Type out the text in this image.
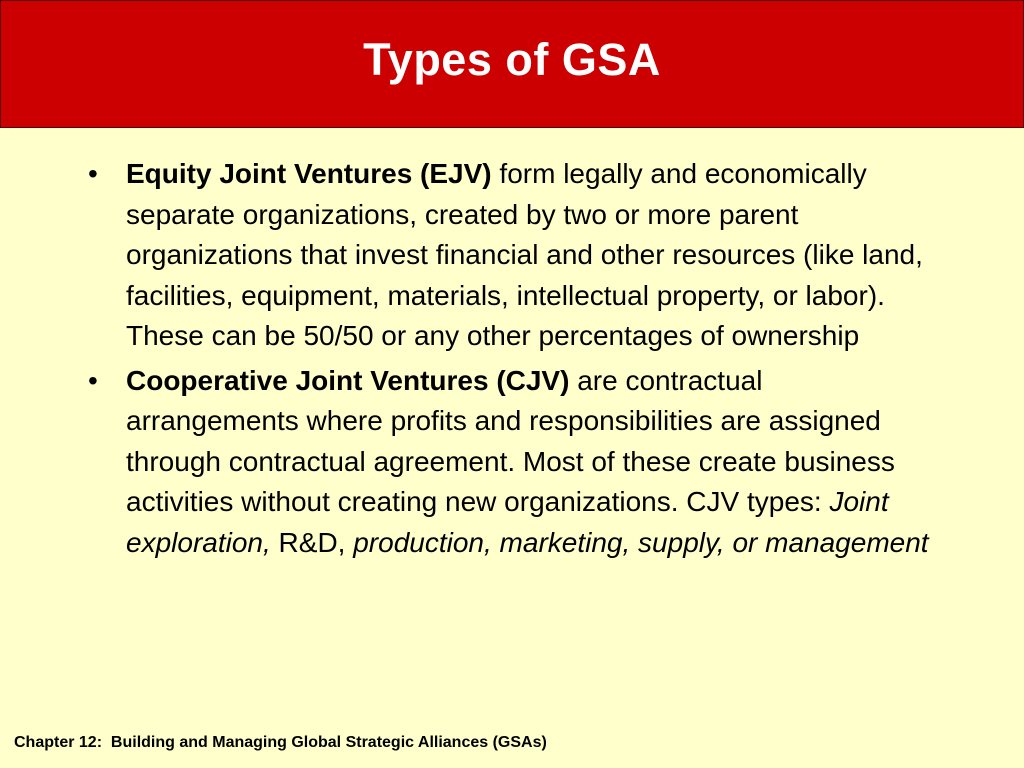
Types of GSA
• Equity Joint Ventures (EJV) form legally and economically separate organizations, created by two or more parent organizations that invest financial and other resources (like land, facilities, equipment, materials, intellectual property, or labor). These can be 50/50 or any other percentages of ownership
• Cooperative Joint Ventures (CJV) are contractual arrangements where profits and responsibilities are assigned through contractual agreement. Most of these create business activities without creating new organizations. CJV types: Joint exploration, R&D, production, marketing, supply, or management
Chapter 12:  Building and Managing Global Strategic Alliances (GSAs)
